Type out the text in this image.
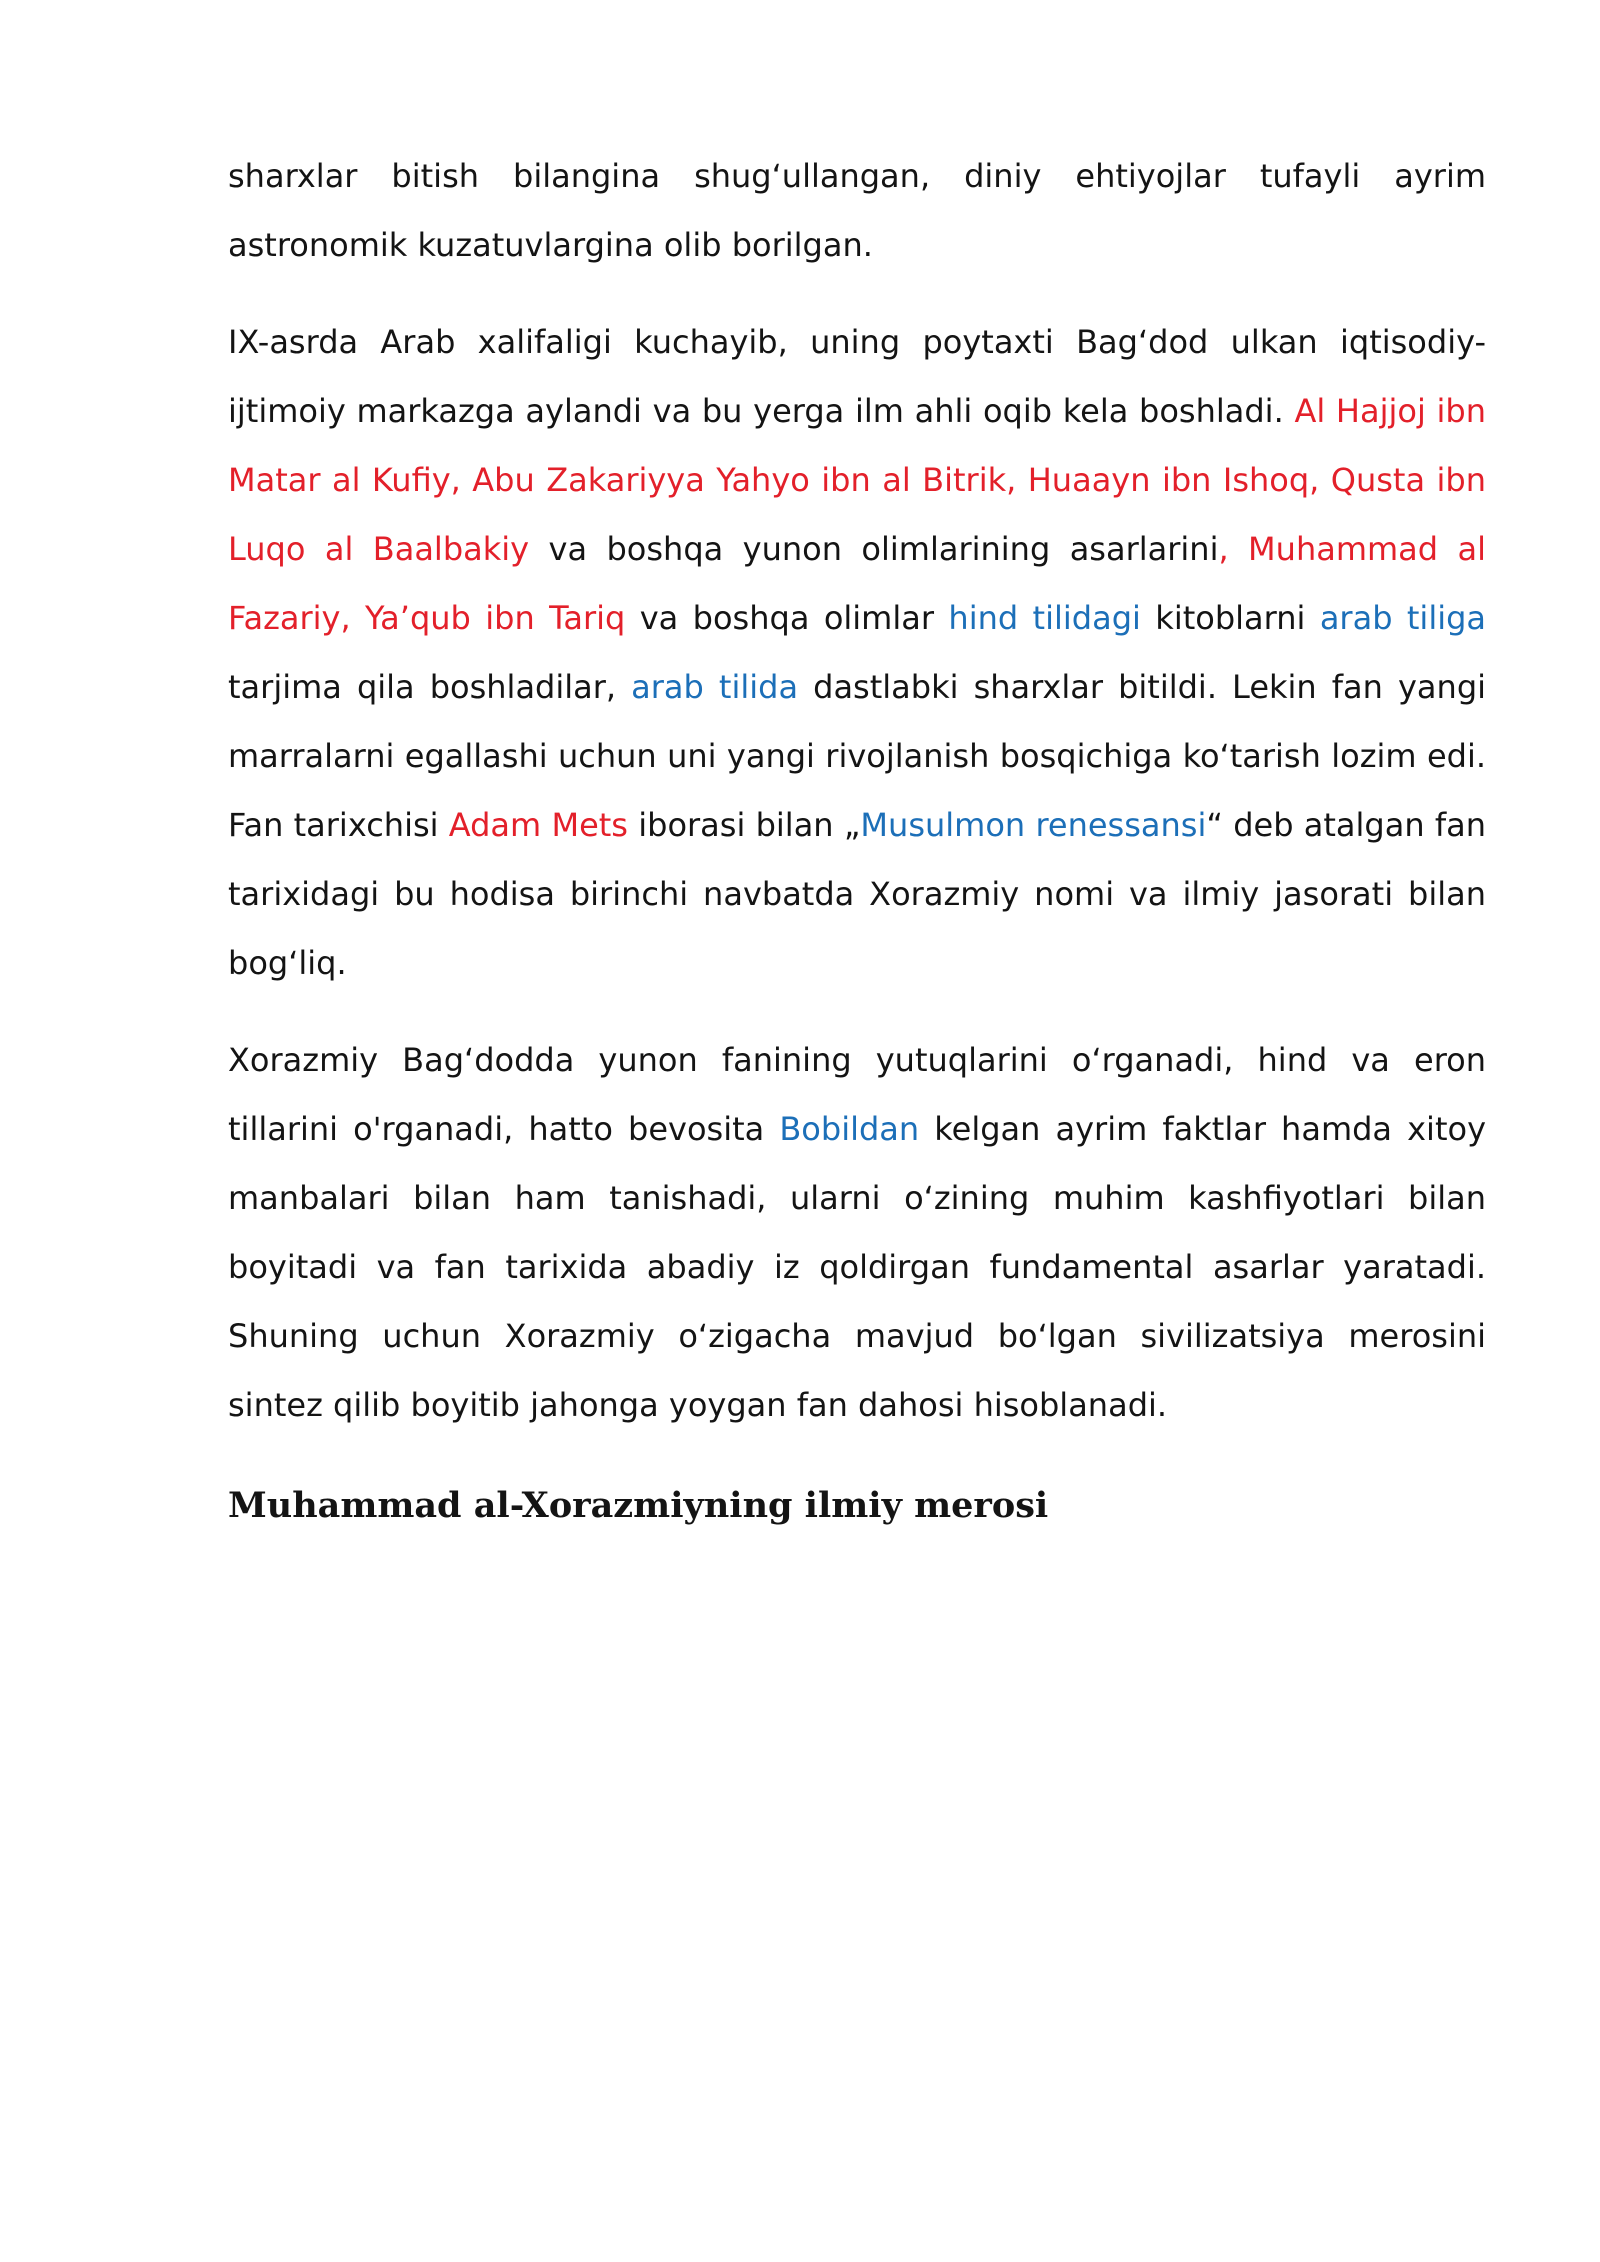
sharxlar bitish bilangina shug‘ullangan, diniy ehtiyojlar tufayli ayrim astronomik kuzatuvlargina olib borilgan.

IX-asrda Arab xalifaligi kuchayib, uning poytaxti Bag‘dod ulkan iqtisodiy-ijtimoiy markazga aylandi va bu yerga ilm ahli oqib kela boshladi. Al Hajjoj ibn Matar al Kufiy, Abu Zakariyya Yahyo ibn al Bitrik, Huaayn ibn Ishoq, Qusta ibn Luqo al Baalbakiy va boshqa yunon olimlarining asarlarini, Muhammad al Fazariy, Ya’qub ibn Tariq va boshqa olimlar hind tilidagi kitoblarni arab tiliga tarjima qila boshladilar, arab tilida dastlabki sharxlar bitildi. Lekin fan yangi marralarni egallashi uchun uni yangi rivojlanish bosqichiga ko‘tarish lozim edi. Fan tarixchisi Adam Mets iborasi bilan „Musulmon renessansi“ deb atalgan fan tarixidagi bu hodisa birinchi navbatda Xorazmiy nomi va ilmiy jasorati bilan bog‘liq.

Xorazmiy Bag‘dodda yunon fanining yutuqlarini o‘rganadi, hind va eron tillarini o'rganadi, hatto bevosita Bobildan kelgan ayrim faktlar hamda xitoy manbalari bilan ham tanishadi, ularni o‘zining muhim kashfiyotlari bilan boyitadi va fan tarixida abadiy iz qoldirgan fundamental asarlar yaratadi. Shuning uchun Xorazmiy o‘zigacha mavjud bo‘lgan sivilizatsiya merosini sintez qilib boyitib jahonga yoygan fan dahosi hisoblanadi.

Muhammad al-Xorazmiyning ilmiy merosi
